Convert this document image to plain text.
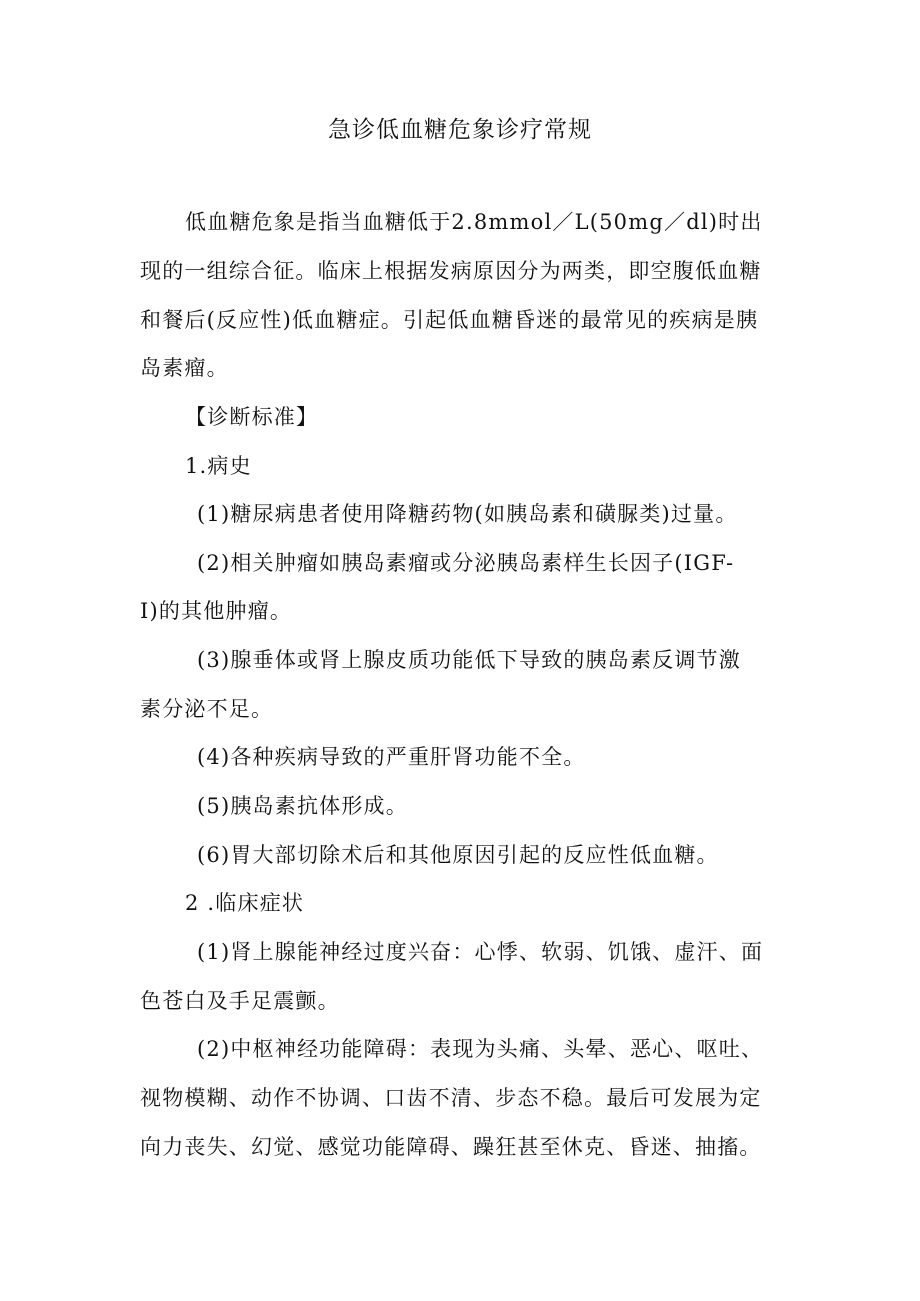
急诊低血糖危象诊疗常规
低血糖危象是指当血糖低于2.8mmol／L(50mg／dl)时出
现的一组综合征。临床上根据发病原因分为两类，即空腹低血糖
和餐后(反应性)低血糖症。引起低血糖昏迷的最常见的疾病是胰
岛素瘤。
【诊断标准】
1.病史
(1)糖尿病患者使用降糖药物(如胰岛素和磺脲类)过量。
(2)相关肿瘤如胰岛素瘤或分泌胰岛素样生长因子(IGF-
I)的其他肿瘤。
(3)腺垂体或肾上腺皮质功能低下导致的胰岛素反调节激
素分泌不足。
(4)各种疾病导致的严重肝肾功能不全。
(5)胰岛素抗体形成。
(6)胃大部切除术后和其他原因引起的反应性低血糖。
2 .临床症状
(1)肾上腺能神经过度兴奋：心悸、软弱、饥饿、虚汗、面
色苍白及手足震颤。
(2)中枢神经功能障碍：表现为头痛、头晕、恶心、呕吐、
视物模糊、动作不协调、口齿不清、步态不稳。最后可发展为定
向力丧失、幻觉、感觉功能障碍、躁狂甚至休克、昏迷、抽搐。
